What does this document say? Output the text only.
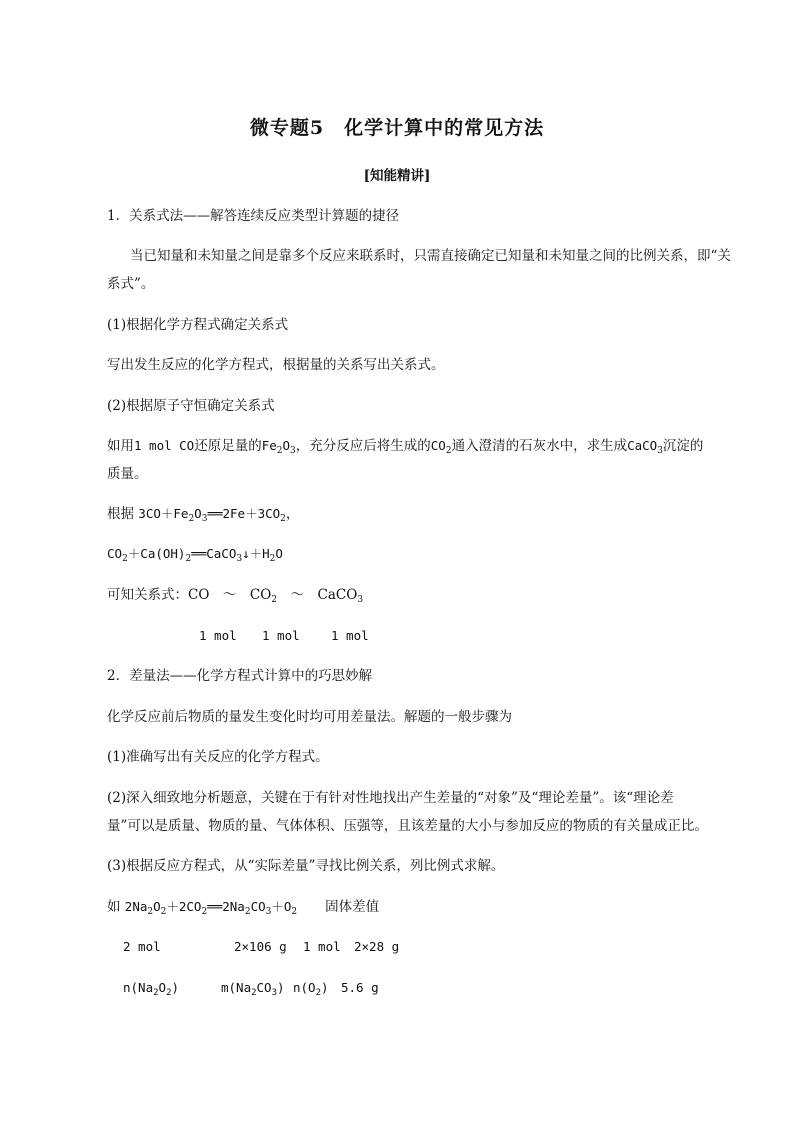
微专题5　化学计算中的常见方法
[知能精讲]
1．关系式法——解答连续反应类型计算题的捷径
当已知量和未知量之间是靠多个反应来联系时，只需直接确定已知量和未知量之间的比例关系，即“关
系式”。
(1)根据化学方程式确定关系式
写出发生反应的化学方程式，根据量的关系写出关系式。
(2)根据原子守恒确定关系式
如用1 mol CO还原足量的$Fe_2O_3$，充分反应后将生成的$CO_2$通入澄清的石灰水中，求生成CaCO$_3$沉淀的
质量。
根据 $3CO+Fe_2O_3══2Fe+3CO_2$，
$CO_2+Ca(OH)_2══CaCO_3↓+H_2O$
可知关系式：CO　～　$CO_2$　～　CaCO$_3$
1 mol 1 mol	1 mol
2．差量法——化学方程式计算中的巧思妙解
化学反应前后物质的量发生变化时均可用差量法。解题的一般步骤为
(1)准确写出有关反应的化学方程式。
(2)深入细致地分析题意，关键在于有针对性地找出产生差量的“对象”及“理论差量”。该“理论差
量”可以是质量、物质的量、气体体积、压强等，且该差量的大小与参加反应的物质的有关量成正比。
(3)根据反应方程式，从“实际差量”寻找比例关系，列比例式求解。
如 $2Na_2O_2+2CO_2══2Na_2CO_3+O_2$ 固体差值
2 mol	2×106 g 1 mol 2×28 g
$n(Na_2O_2)$	$m(Na_2CO_3)$ $n(O_2)$ 5.6 g
